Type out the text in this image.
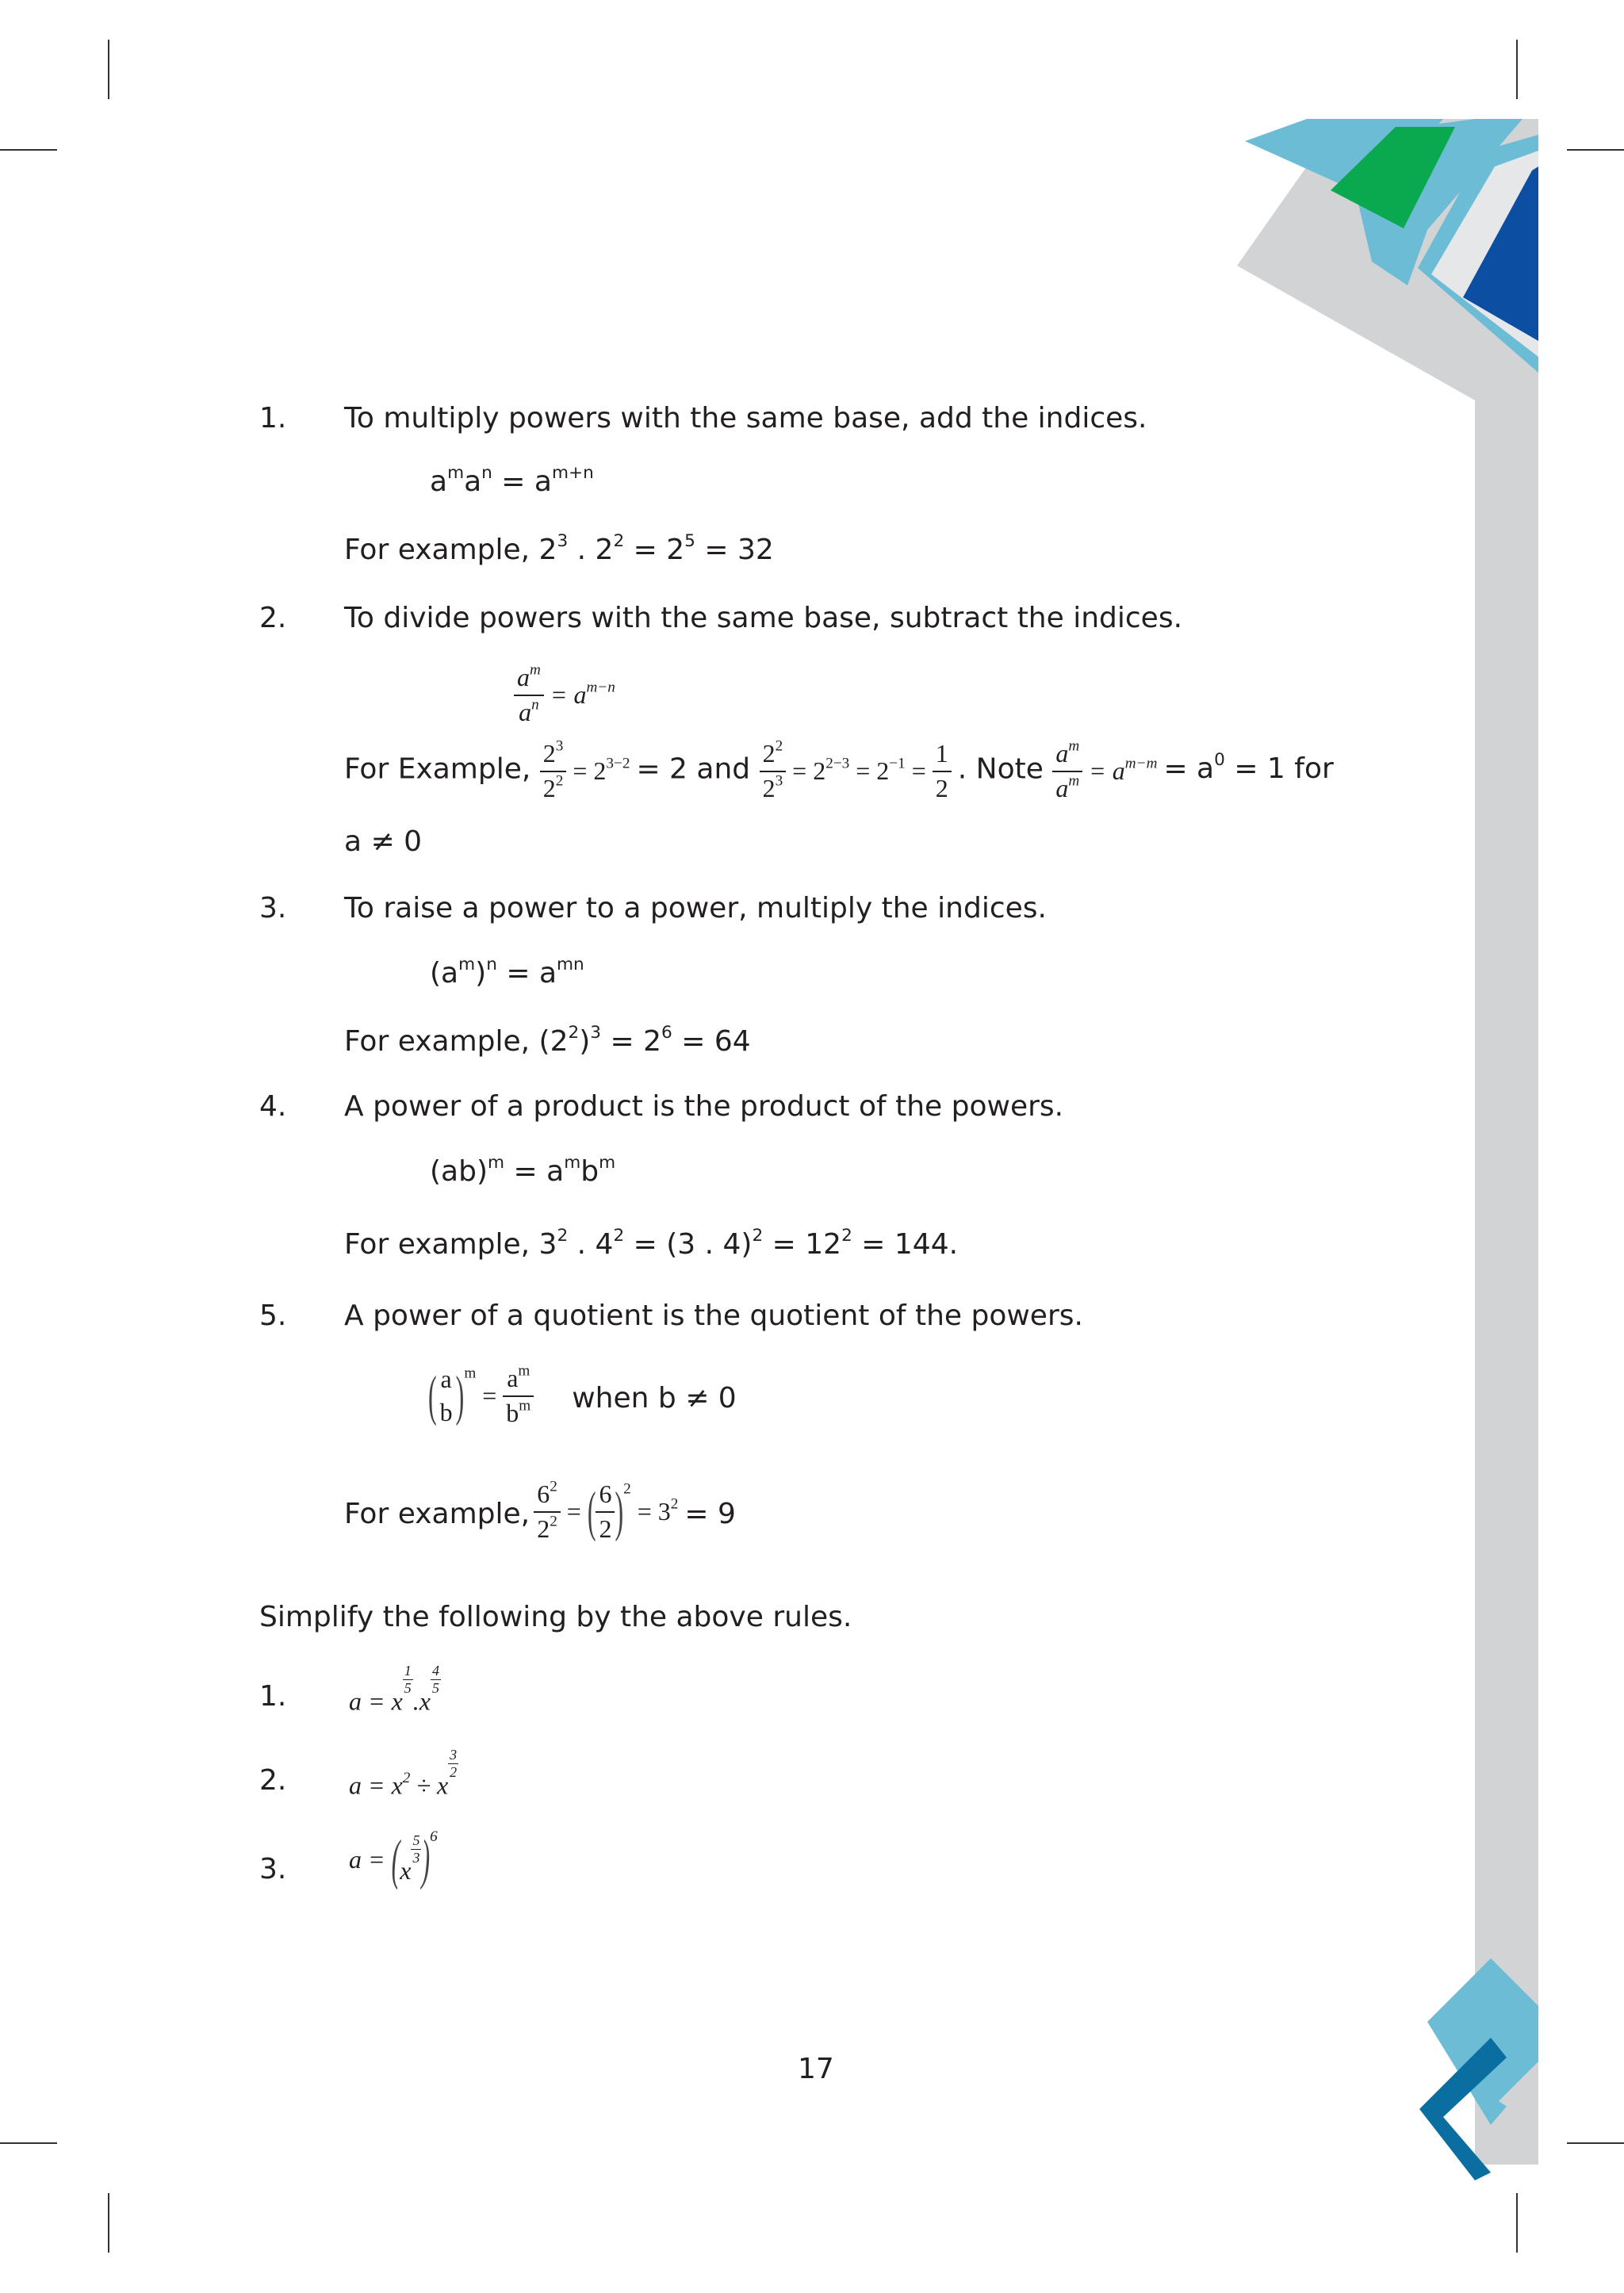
1. To multiply powers with the same base, add the indices.
$a^ma^n = a^{m+n}$
For example, $2^3$ . $2^2 = 2^5 = 32$
2. To divide powers with the same base, subtract the indices.
$\frac{a^m}{a^n} = a^{m-n}$
For Example, $\frac{2^3}{2^2} = 2^{3-2} = 2$ and $\frac{2^2}{2^3} = 2^{2-3} = 2^{-1} = \frac{1}{2}$ . Note $\frac{a^m}{a^m} = a^{m-m} = a^0 = 1$ for
a ≠ 0
3. To raise a power to a power, multiply the indices.
$(a^m)^n = a^{mn}$
For example, $(2^2)^3 = 2^6 = 64$
4. A power of a product is the product of the powers.
$(ab)^m = a^mb^m$
For example, $3^2$ . $4^2 = (3$ . $4)^2 = 12^2 = 144$.
5. A power of a quotient is the quotient of the powers.
( a
b )$^m = \frac{a^m}{b^m}$ when b ≠ 0
For example, $\frac{6^2}{2^2}$ = ( $\frac{6}{2} )^2 = 3^2 = 9$
Simplify the following by the above rules.
1. a = x
$\frac{1}{5}$
.x
$\frac{4}{5}$
2. $a = x^2 \div x$
$\frac{3}{2}$
3. a = (x
$\frac{5}{3} )^6$
17
